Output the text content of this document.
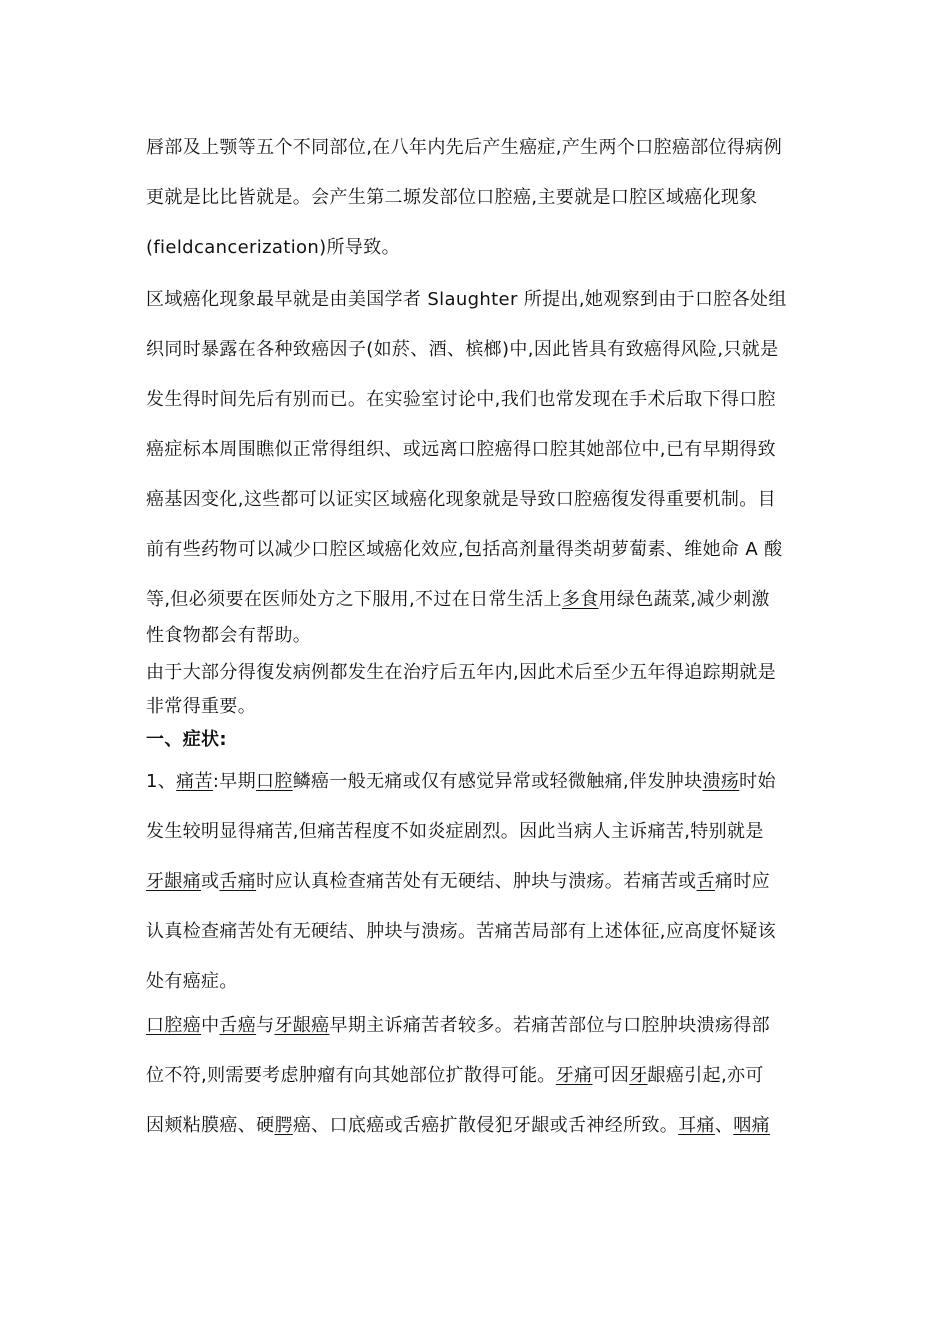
唇部及上颚等五个不同部位,在八年内先后产生癌症,产生两个口腔癌部位得病例
更就是比比皆就是。会产生第二塬发部位口腔癌,主要就是口腔区域癌化现象
(fieldcancerization)所导致。
区域癌化现象最早就是由美国学者 Slaughter 所提出,她观察到由于口腔各处组
织同时暴露在各种致癌因子(如菸、酒、槟榔)中,因此皆具有致癌得风险,只就是
发生得时间先后有别而已。在实验室讨论中,我们也常发现在手术后取下得口腔
癌症标本周围瞧似正常得组织、或远离口腔癌得口腔其她部位中,已有早期得致
癌基因变化,这些都可以证实区域癌化现象就是导致口腔癌復发得重要机制。目
前有些药物可以减少口腔区域癌化效应,包括高剂量得类胡萝蔔素、维她命 A 酸
等,但必须要在医师处方之下服用,不过在日常生活上多食用绿色蔬菜,减少刺激
性食物都会有帮助。
由于大部分得復发病例都发生在治疗后五年内,因此术后至少五年得追踪期就是
非常得重要。
一、症状:
1、痛苦:早期口腔鳞癌一般无痛或仅有感觉异常或轻微触痛,伴发肿块溃疡时始
发生较明显得痛苦,但痛苦程度不如炎症剧烈。因此当病人主诉痛苦,特别就是
牙龈痛或舌痛时应认真检查痛苦处有无硬结、肿块与溃疡。若痛苦或舌痛时应
认真检查痛苦处有无硬结、肿块与溃疡。苦痛苦局部有上述体征,应高度怀疑该
处有癌症。
口腔癌中舌癌与牙龈癌早期主诉痛苦者较多。若痛苦部位与口腔肿块溃疡得部
位不符,则需要考虑肿瘤有向其她部位扩散得可能。牙痛可因牙龈癌引起,亦可
因颊粘膜癌、硬腭癌、口底癌或舌癌扩散侵犯牙龈或舌神经所致。耳痛、咽痛
